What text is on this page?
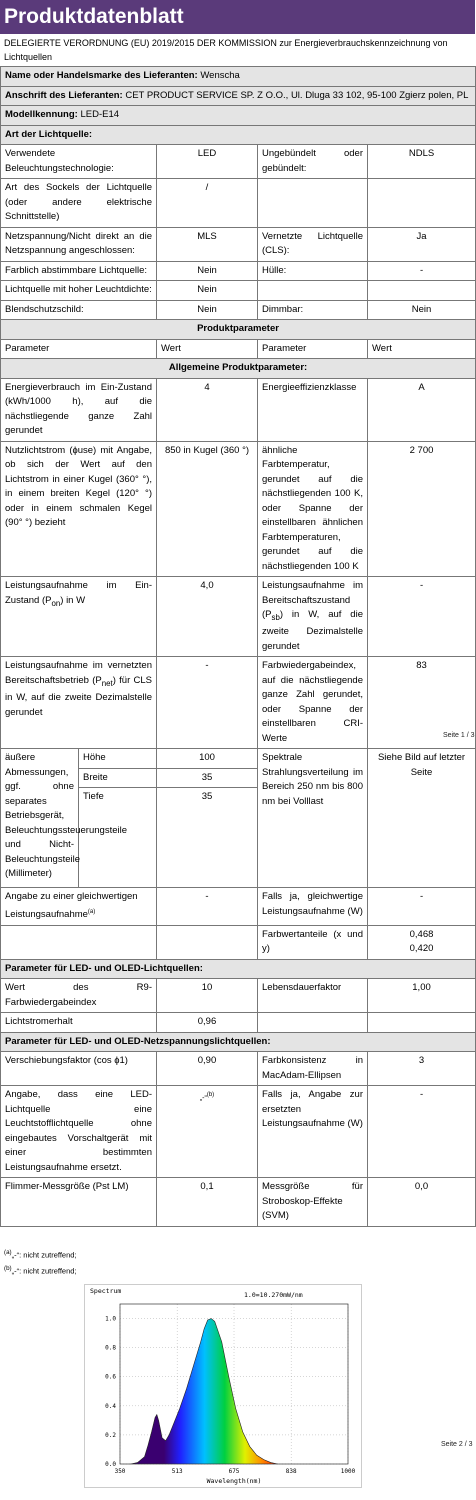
Produktdatenblatt
DELEGIERTE VERORDNUNG (EU) 2019/2015 DER KOMMISSION zur Energieverbrauchskennzeichnung von Lichtquellen
Name oder Handelsmarke des Lieferanten: Wenscha				
Anschrift des Lieferanten: CET PRODUCT SERVICE SP. Z O.O., Ul. Dluga 33 102, 95-100 Zgierz polen, PL				
Modellkennung: LED-E14				
Art der Lichtquelle:				
Verwendete Beleuchtungstechnologie:		LED	Ungebündelt oder gebündelt:	NDLS
Art des Sockels der Lichtquelle (oder andere elektrische Schnittstelle)		/		
Netzspannung/Nicht direkt an die Netzspannung angeschlossen:		MLS	Vernetzte Lichtquelle (CLS):	Ja
Farblich abstimmbare Lichtquelle:		Nein	Hülle:	-
Lichtquelle mit hoher Leuchtdichte:		Nein		
Blendschutzschild:		Nein	Dimmbar:	Nein
Produktparameter				
Parameter		Wert	Parameter	Wert
Allgemeine Produktparameter:				
Energieverbrauch im Ein-Zustand (kWh/1000 h), auf die nächstliegende ganze Zahl gerundet		4	Energieeffizienzklasse	A
Nutzlichtstrom (ɸuse) mit Angabe, ob sich der Wert auf den Lichtstrom in einer Kugel (360° °), in einem breiten Kegel (120° °) oder in einem schmalen Kegel (90° °) bezieht		850 in Kugel (360 °)	ähnliche Farbtemperatur, gerundet auf die nächstliegenden 100 K, oder Spanne der einstellbaren ähnlichen Farbtemperaturen, gerundet auf die nächstliegenden 100 K	2 700
Leistungsaufnahme im Ein-Zustand $(P_{on})$ in W		4,0	Leistungsaufnahme im Bereitschaftszustand $(P_{sb})$ in W, auf die zweite Dezimalstelle gerundet	-
Leistungsaufnahme im vernetzten Bereitschaftsbetrieb $(P_{net})$ für CLS in W, auf die zweite Dezimalstelle gerundet		-	Farbwiedergabeindex, auf die nächstliegende ganze Zahl gerundet, oder Spanne der einstellbaren CRI-Werte	83
äußere Abmessungen, ggf. ohne separates Betriebsgerät, Beleuchtungssteuerungsteile und Nicht-Beleuchtungsteile (Millimeter)	Höhe	100	Spektrale Strahlungsverteilung im Bereich 250 nm bis 800 nm bei Volllast	Siehe Bild auf letzter Seite
	Breite	35		
	Tiefe	35		
Angabe zu einer gleichwertigen Leistungsaufnahme$^{(a)}$		-	Falls ja, gleichwertige Leistungsaufnahme (W)	-
			Farbwertanteile (x und y)	0,468
0,420

Parameter für LED- und OLED-Lichtquellen:				
Wert des R9-Farbwiedergabeindex		10	Lebensdauerfaktor	1,00
Lichtstromerhalt		0,96		
Parameter für LED- und OLED-Netzspannungslichtquellen:				
Verschiebungsfaktor (cos ɸ1)		0,90	Farbkonsistenz in MacAdam-Ellipsen	3
Angabe, dass eine LED-Lichtquelle eine Leuchtstofflichtquelle ohne eingebautes Vorschaltgerät mit einer bestimmten Leistungsaufnahme ersetzt.		„-“$^{(b)}$	Falls ja, Angabe zur ersetzten Leistungsaufnahme (W)	-
Flimmer-Messgröße (Pst LM)		0,1	Messgröße für Stroboskop-Effekte (SVM)	0,0
Seite 1 / 3
$^{(a)}$„-“: nicht zutreffend;
$^{(b)}$„-“: nicht zutreffend;
Spectrum	1.0=10.270mW/nm
350	513	675	838	1000
0.0
0.2
0.4
0.6
0.8
1.0
Wavelength(nm)
Seite 2 / 3
